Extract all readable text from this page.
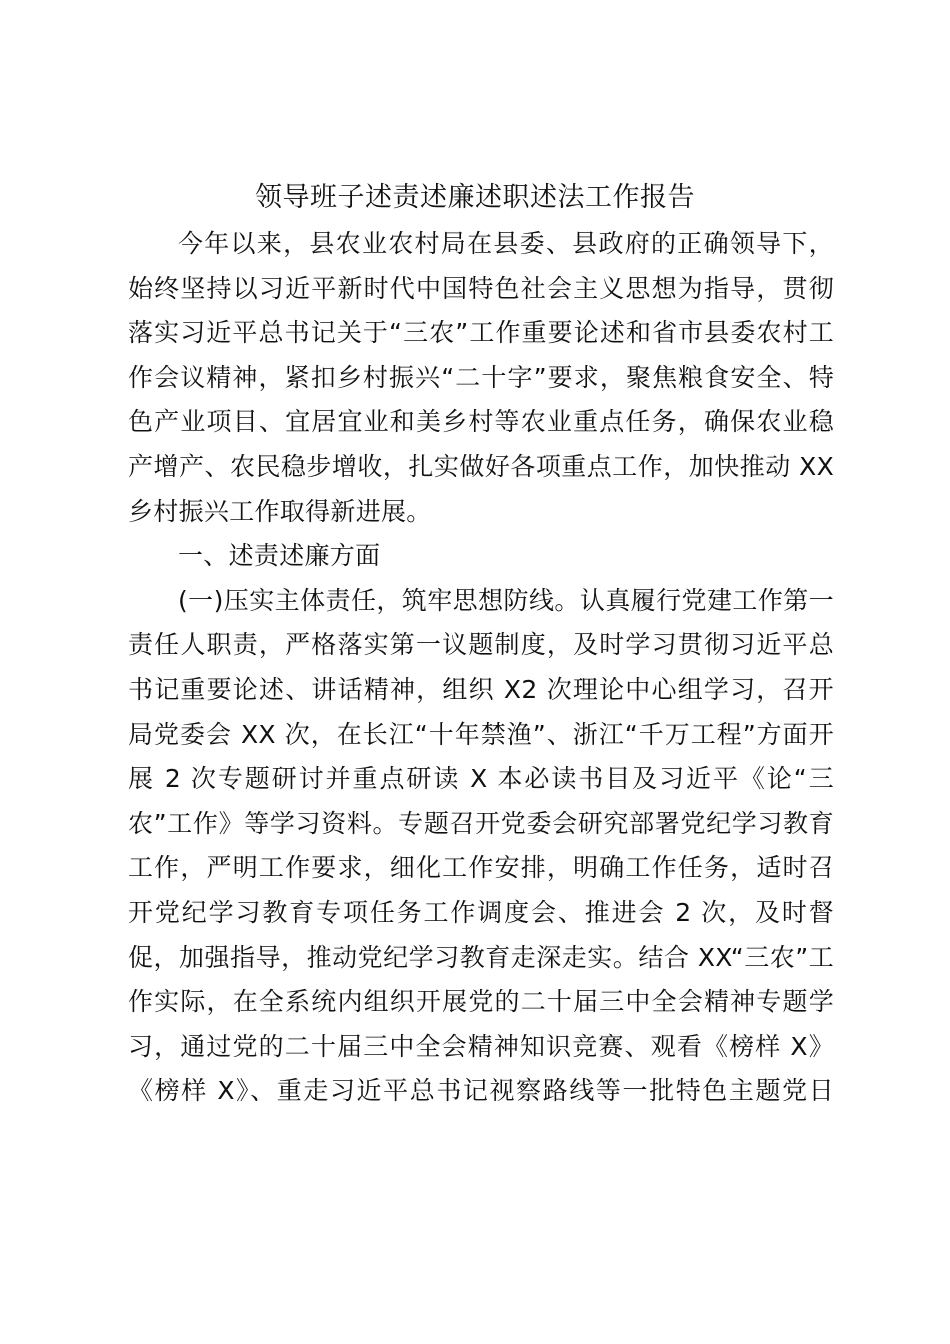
领导班子述责述廉述职述法工作报告
今年以来，县农业农村局在县委、县政府的正确领导下，
始终坚持以习近平新时代中国特色社会主义思想为指导，贯彻
落实习近平总书记关于“三农”工作重要论述和省市县委农村工
作会议精神，紧扣乡村振兴“二十字”要求，聚焦粮食安全、特
色产业项目、宜居宜业和美乡村等农业重点任务，确保农业稳
产增产、农民稳步增收，扎实做好各项重点工作，加快推动 XX
乡村振兴工作取得新进展。
一、述责述廉方面
(一)压实主体责任，筑牢思想防线。认真履行党建工作第一
责任人职责，严格落实第一议题制度，及时学习贯彻习近平总
书记重要论述、讲话精神，组织 X2 次理论中心组学习，召开
局党委会 XX 次，在长江“十年禁渔”、浙江“千万工程”方面开
展 2 次专题研讨并重点研读 X 本必读书目及习近平《论“三
农”工作》等学习资料。专题召开党委会研究部署党纪学习教育
工作，严明工作要求，细化工作安排，明确工作任务，适时召
开党纪学习教育专项任务工作调度会、推进会 2 次，及时督
促，加强指导，推动党纪学习教育走深走实。结合 XX“三农”工
作实际，在全系统内组织开展党的二十届三中全会精神专题学
习，通过党的二十届三中全会精神知识竞赛、观看《榜样 X》
《榜样 X》、重走习近平总书记视察路线等一批特色主题党日
